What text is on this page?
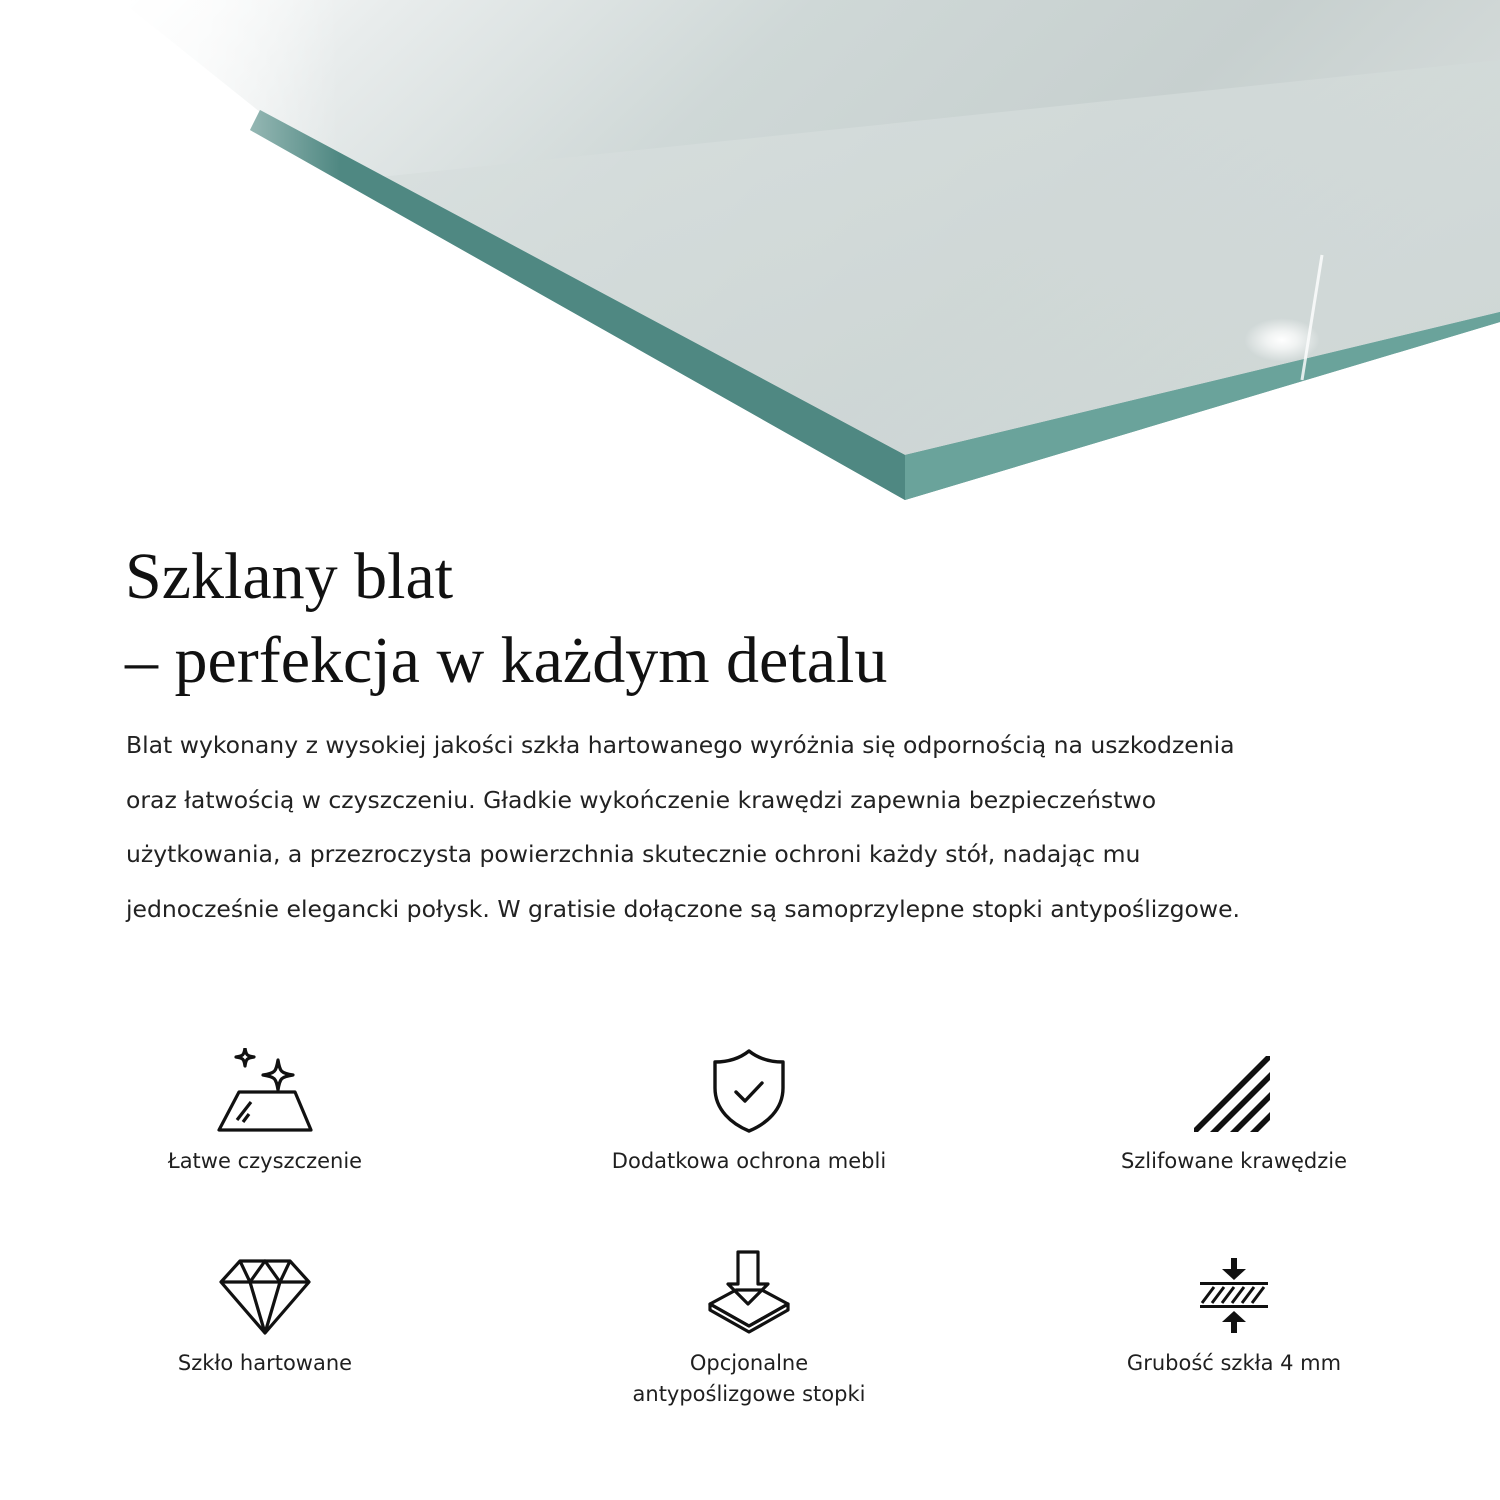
Szklany blat
– perfekcja w każdym detalu

Blat wykonany z wysokiej jakości szkła hartowanego wyróżnia się odpornością na uszkodzenia
oraz łatwością w czyszczeniu. Gładkie wykończenie krawędzi zapewnia bezpieczeństwo
użytkowania, a przezroczysta powierzchnia skutecznie ochroni każdy stół, nadając mu
jednocześnie elegancki połysk. W gratisie dołączone są samoprzylepne stopki antypoślizgowe.

Łatwe czyszczenie	Dodatkowa ochrona mebli	Szlifowane krawędzie
Szkło hartowane	Opcjonalne
antypoślizgowe stopki
Grubość szkła 4 mm
